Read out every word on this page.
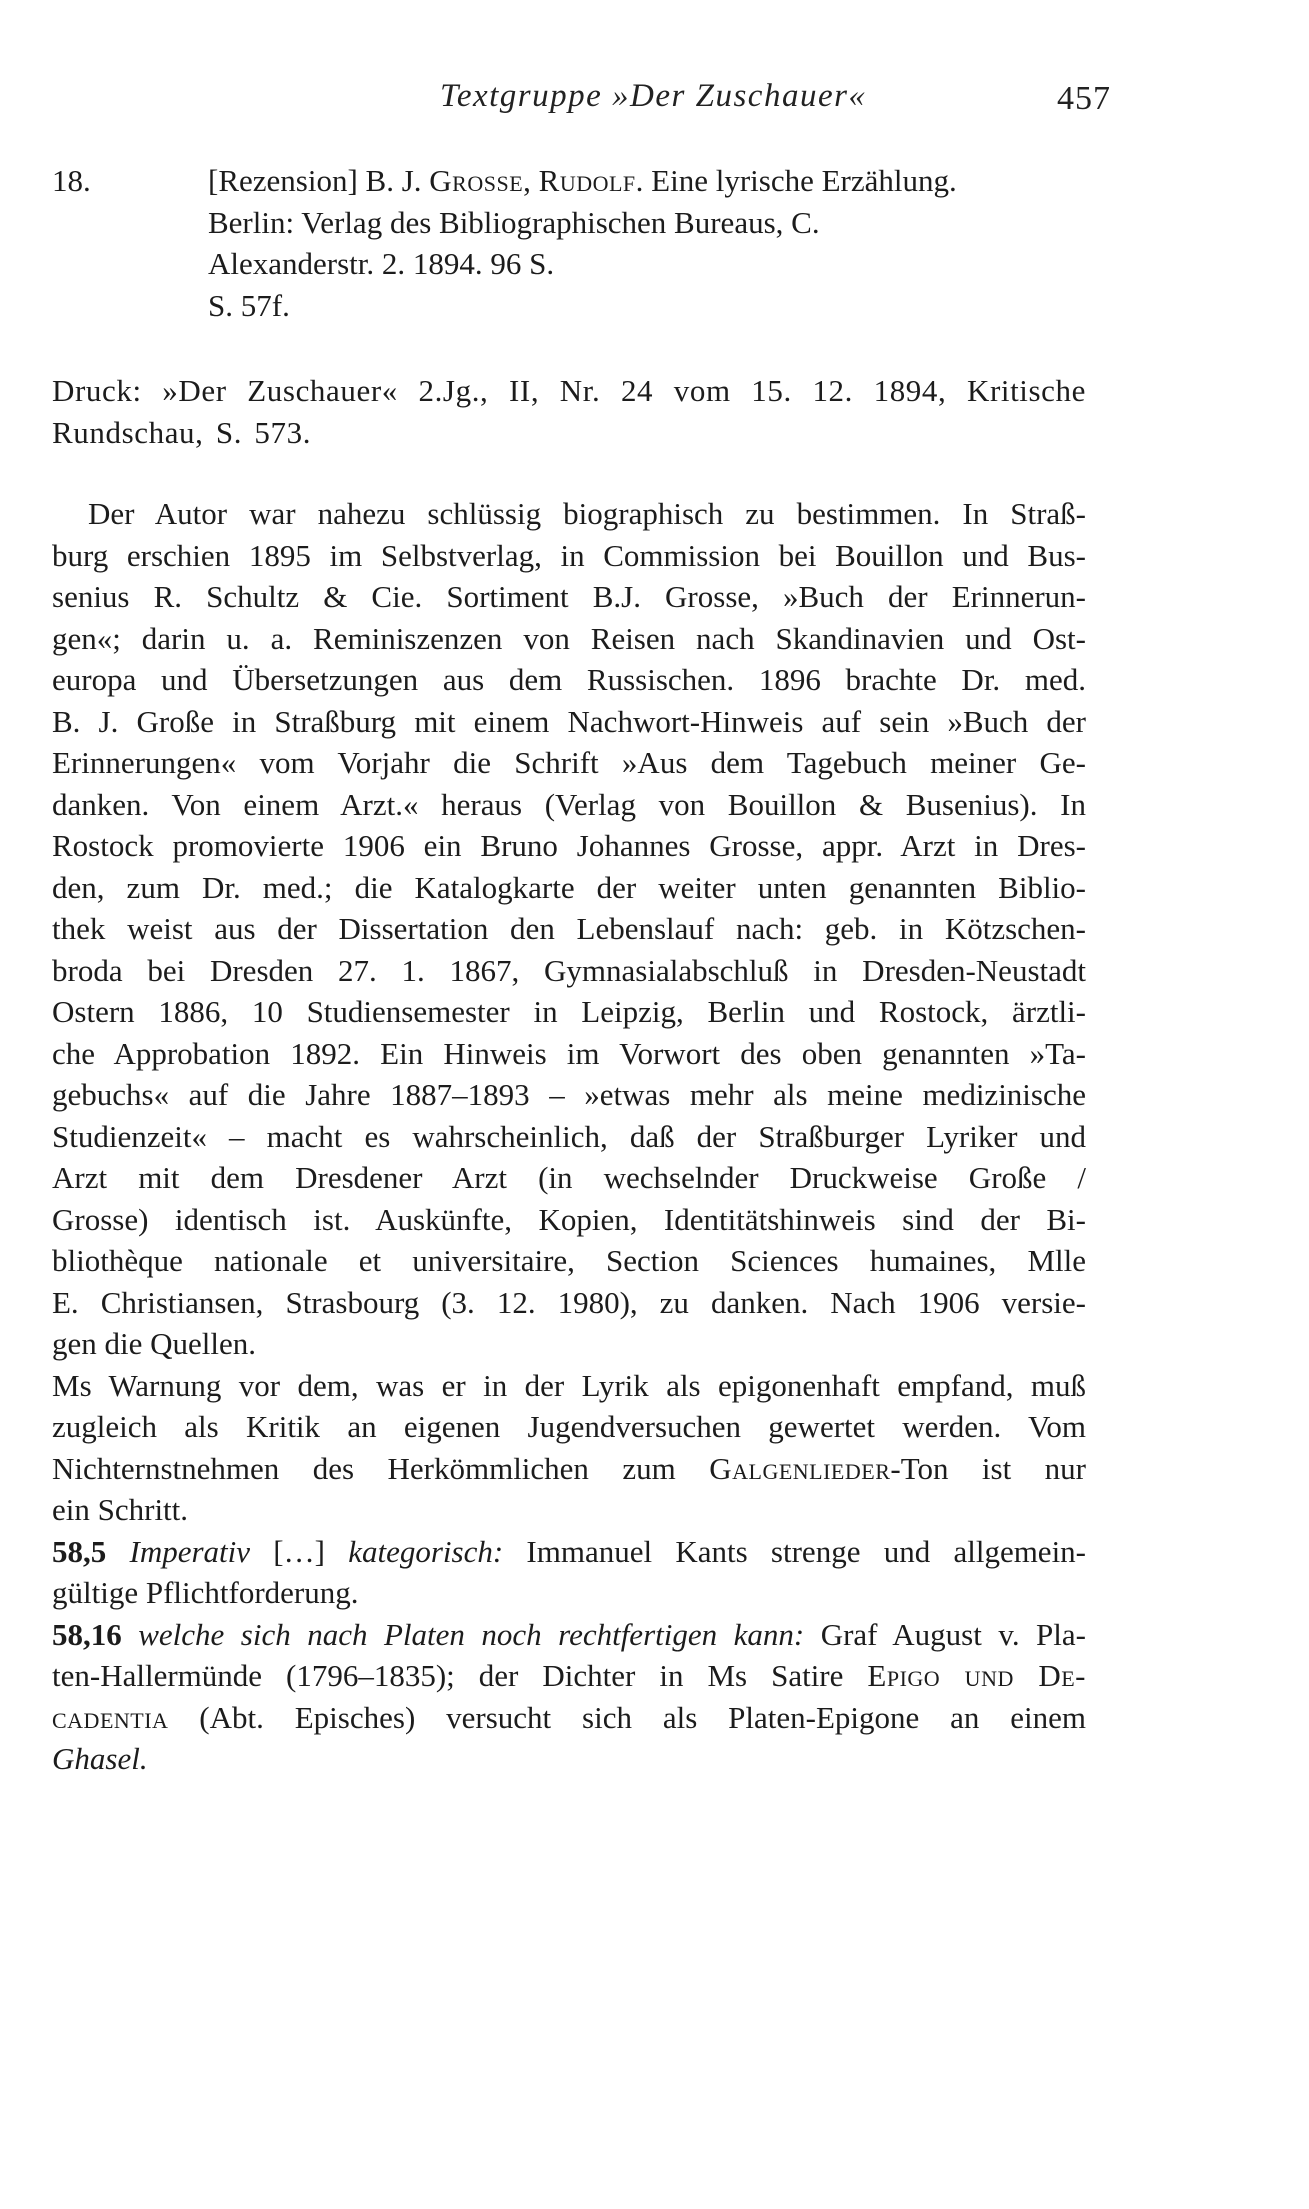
Textgruppe »Der Zuschauer«	457
18.	[Rezension] B. J. Grosse, Rudolf. Eine lyrische Erzählung.
Berlin: Verlag des Bibliographischen Bureaus, C.
Alexanderstr. 2. 1894. 96 S.
S. 57f.
Druck: »Der Zuschauer« 2.Jg., II, Nr. 24 vom 15. 12. 1894, Kritische
Rundschau, S. 573.
Der Autor war nahezu schlüssig biographisch zu bestimmen. In Straß-
burg erschien 1895 im Selbstverlag, in Commission bei Bouillon und Bus-
senius R. Schultz & Cie. Sortiment B.J. Grosse, »Buch der Erinnerun-
gen«; darin u. a. Reminiszenzen von Reisen nach Skandinavien und Ost-
europa und Übersetzungen aus dem Russischen. 1896 brachte Dr. med.
B. J. Große in Straßburg mit einem Nachwort-Hinweis auf sein »Buch der
Erinnerungen« vom Vorjahr die Schrift »Aus dem Tagebuch meiner Ge-
danken. Von einem Arzt.« heraus (Verlag von Bouillon & Busenius). In
Rostock promovierte 1906 ein Bruno Johannes Grosse, appr. Arzt in Dres-
den, zum Dr. med.; die Katalogkarte der weiter unten genannten Biblio-
thek weist aus der Dissertation den Lebenslauf nach: geb. in Kötzschen-
broda bei Dresden 27. 1. 1867, Gymnasialabschluß in Dresden-Neustadt
Ostern 1886, 10 Studiensemester in Leipzig, Berlin und Rostock, ärztli-
che Approbation 1892. Ein Hinweis im Vorwort des oben genannten »Ta-
gebuchs« auf die Jahre 1887–1893 – »etwas mehr als meine medizinische
Studienzeit« – macht es wahrscheinlich, daß der Straßburger Lyriker und
Arzt mit dem Dresdener Arzt (in wechselnder Druckweise Große /
Grosse) identisch ist. Auskünfte, Kopien, Identitätshinweis sind der Bi-
bliothèque nationale et universitaire, Section Sciences humaines, Mlle
E. Christiansen, Strasbourg (3. 12. 1980), zu danken. Nach 1906 versie-
gen die Quellen.
Ms Warnung vor dem, was er in der Lyrik als epigonenhaft empfand, muß
zugleich als Kritik an eigenen Jugendversuchen gewertet werden. Vom
Nichternstnehmen des Herkömmlichen zum Galgenlieder-Ton ist nur
ein Schritt.
58,5 Imperativ […] kategorisch: Immanuel Kants strenge und allgemein-
gültige Pflichtforderung.
58,16 welche sich nach Platen noch rechtfertigen kann: Graf August v. Pla-
ten-Hallermünde (1796–1835); der Dichter in Ms Satire Epigo und De-
cadentia (Abt. Episches) versucht sich als Platen-Epigone an einem
Ghasel.
